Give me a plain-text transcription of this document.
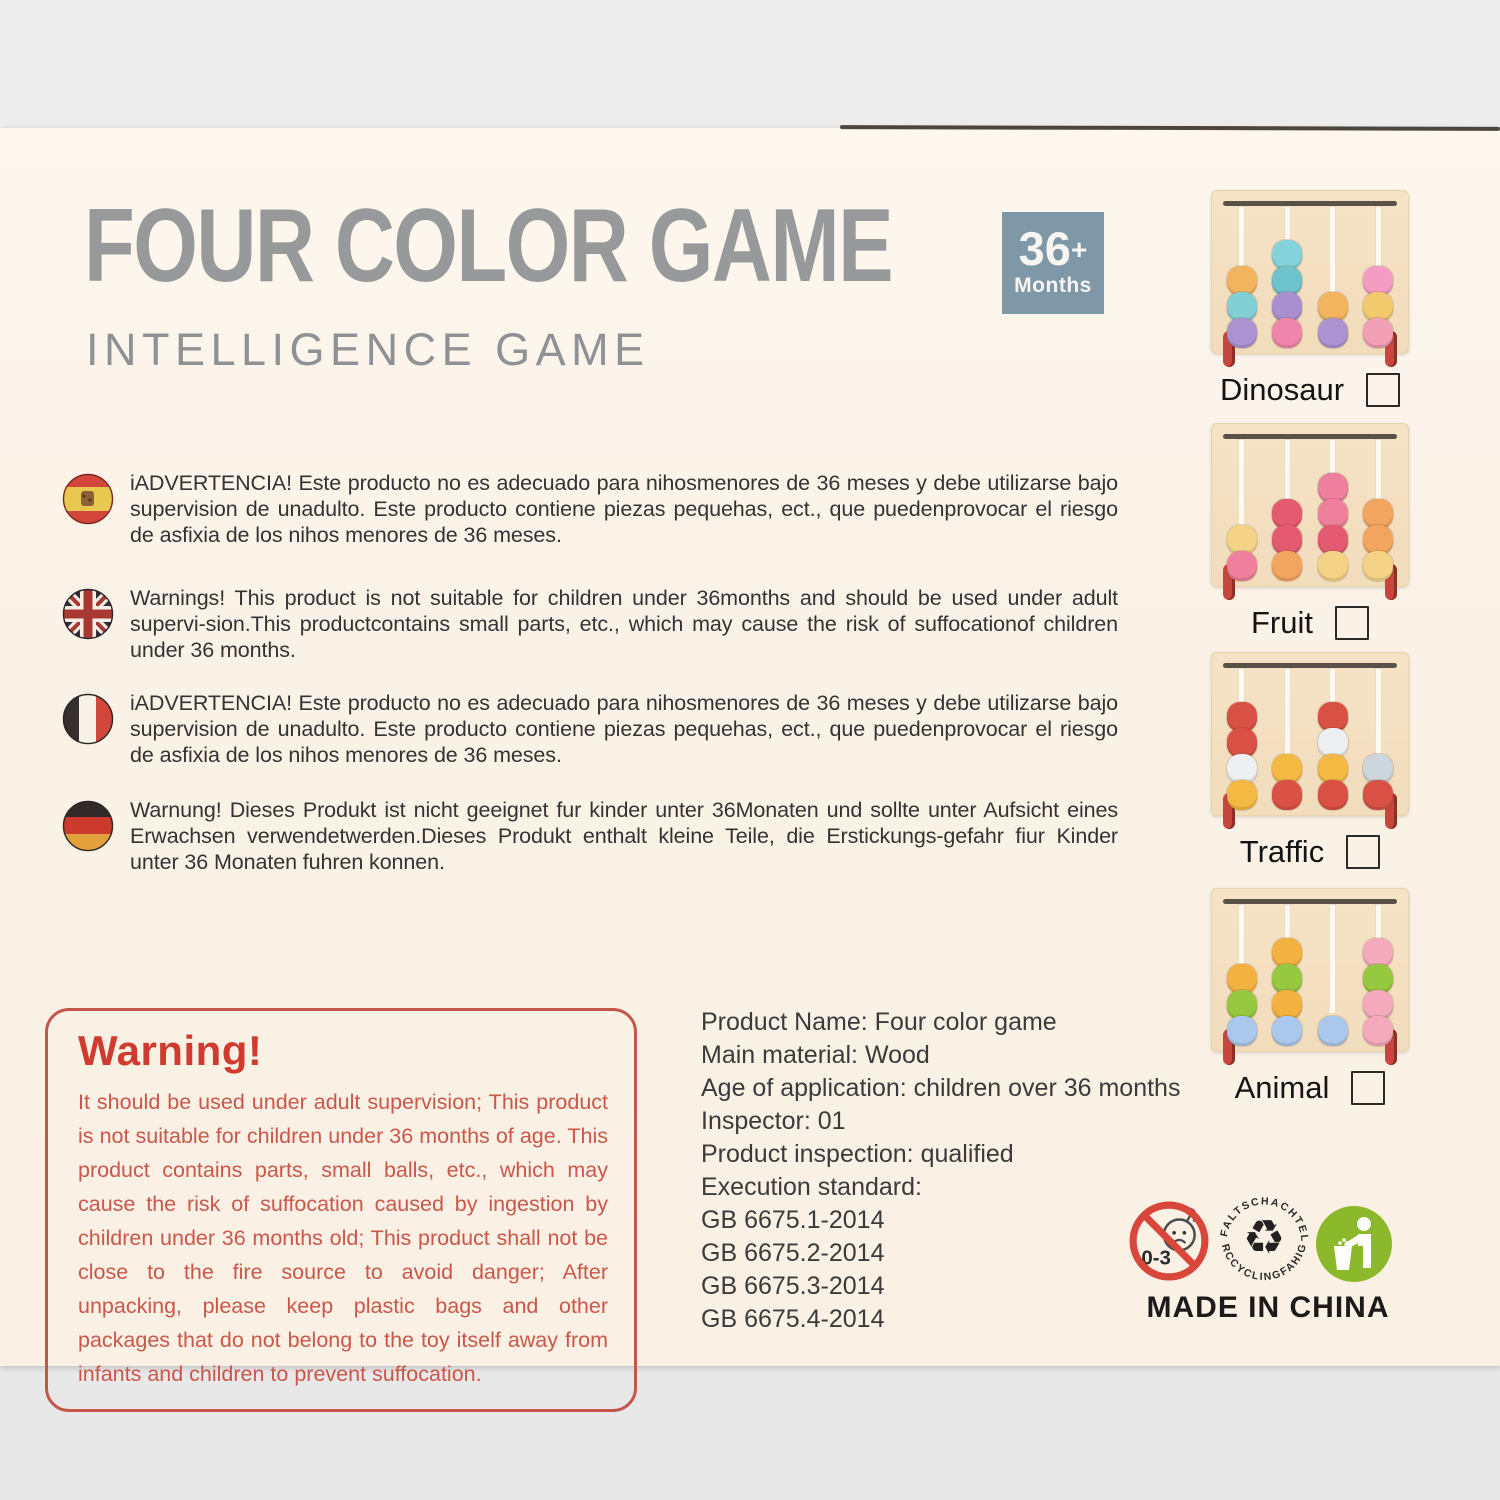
FOUR COLOR GAME
INTELLIGENCE GAME
36+
Months
iADVERTENCIA! Este producto no es adecuado para nihosmenores de 36 meses y debe utilizarse bajo supervision de unadulto. Este producto contiene piezas pequehas, ect., que puedenprovocar el riesgo de asfixia de los nihos menores de 36 meses.
Warnings! This product is not suitable for children under 36months and should be used under adult supervi-sion.This productcontains small parts, etc., which may cause the risk of suffocationof children under 36 months.
iADVERTENCIA! Este producto no es adecuado para nihosmenores de 36 meses y debe utilizarse bajo supervision de unadulto. Este producto contiene piezas pequehas, ect., que puedenprovocar el riesgo de asfixia de los nihos menores de 36 meses.
Warnung! Dieses Produkt ist nicht geeignet fur kinder unter 36Monaten und sollte unter Aufsicht eines Erwachsen verwendetwerden.Dieses Produkt enthalt kleine Teile, die Erstickungs-gefahr fiur Kinder unter 36 Monaten fuhren konnen.
Warning!

It should be used under adult supervision; This product is not suitable for children under 36 months of age. This product contains parts, small balls, etc., which may cause the risk of suffocation caused by ingestion by children under 36 months old; This product shall not be close to the fire source to avoid danger; After unpacking, please keep plastic bags and other packages that do not belong to the toy itself away from infants and children to prevent suffocation.

Product Name: Four color game
Main material: Wood
Age of application: children over 36 months
Inspector: 01
Product inspection: qualified
Execution standard:
GB 6675.1-2014
GB 6675.2-2014
GB 6675.3-2014
GB 6675.4-2014
Dinosaur
Fruit
Traffic
Animal
0-3
FALTSCHACHTEL
RCCYCLINGFAHIG
♻
MADE IN CHINA
